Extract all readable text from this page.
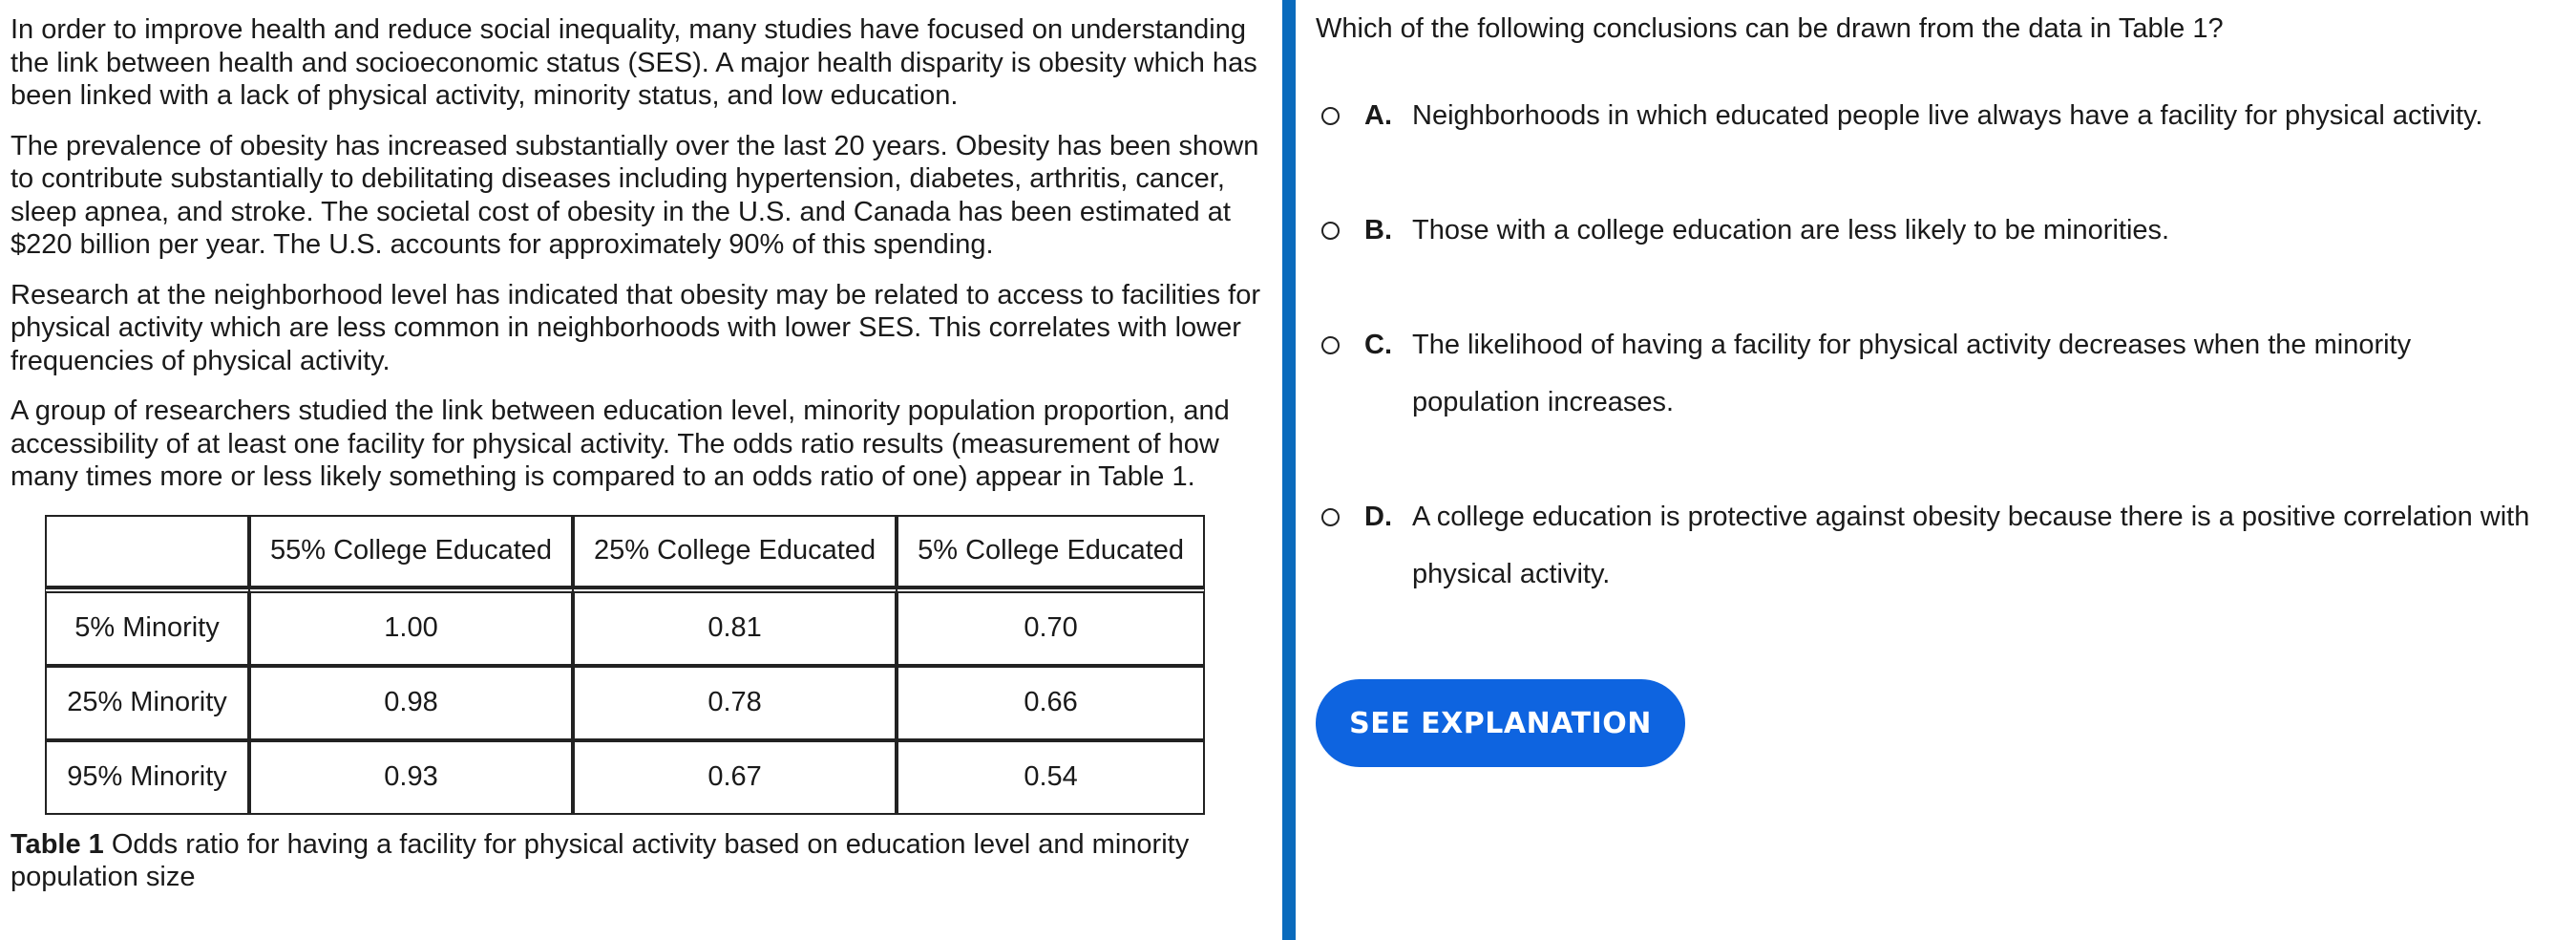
In order to improve health and reduce social inequality, many studies have focused on understanding the link between health and socioeconomic status (SES). A major health disparity is obesity which has been linked with a lack of physical activity, minority status, and low education.

The prevalence of obesity has increased substantially over the last 20 years. Obesity has been shown to contribute substantially to debilitating diseases including hypertension, diabetes, arthritis, cancer, sleep apnea, and stroke. The societal cost of obesity in the U.S. and Canada has been estimated at $220 billion per year. The U.S. accounts for approximately 90% of this spending.

Research at the neighborhood level has indicated that obesity may be related to access to facilities for physical activity which are less common in neighborhoods with lower SES. This correlates with lower frequencies of physical activity.

A group of researchers studied the link between education level, minority population proportion, and accessibility of at least one facility for physical activity. The odds ratio results (measurement of how many times more or less likely something is compared to an odds ratio of one) appear in Table 1.

	55% College Educated	25% College Educated	5% College Educated
5% Minority	1.00	0.81	0.70
25% Minority	0.98	0.78	0.66
95% Minority	0.93	0.67	0.54
Table 1 Odds ratio for having a facility for physical activity based on education level and minority population size
Which of the following conclusions can be drawn from the data in Table 1?
A. Neighborhoods in which educated people live always have a facility for physical activity.
B. Those with a college education are less likely to be minorities.
C. The likelihood of having a facility for physical activity decreases when the minority population increases.
D. A college education is protective against obesity because there is a positive correlation with physical activity.
SEE EXPLANATION
